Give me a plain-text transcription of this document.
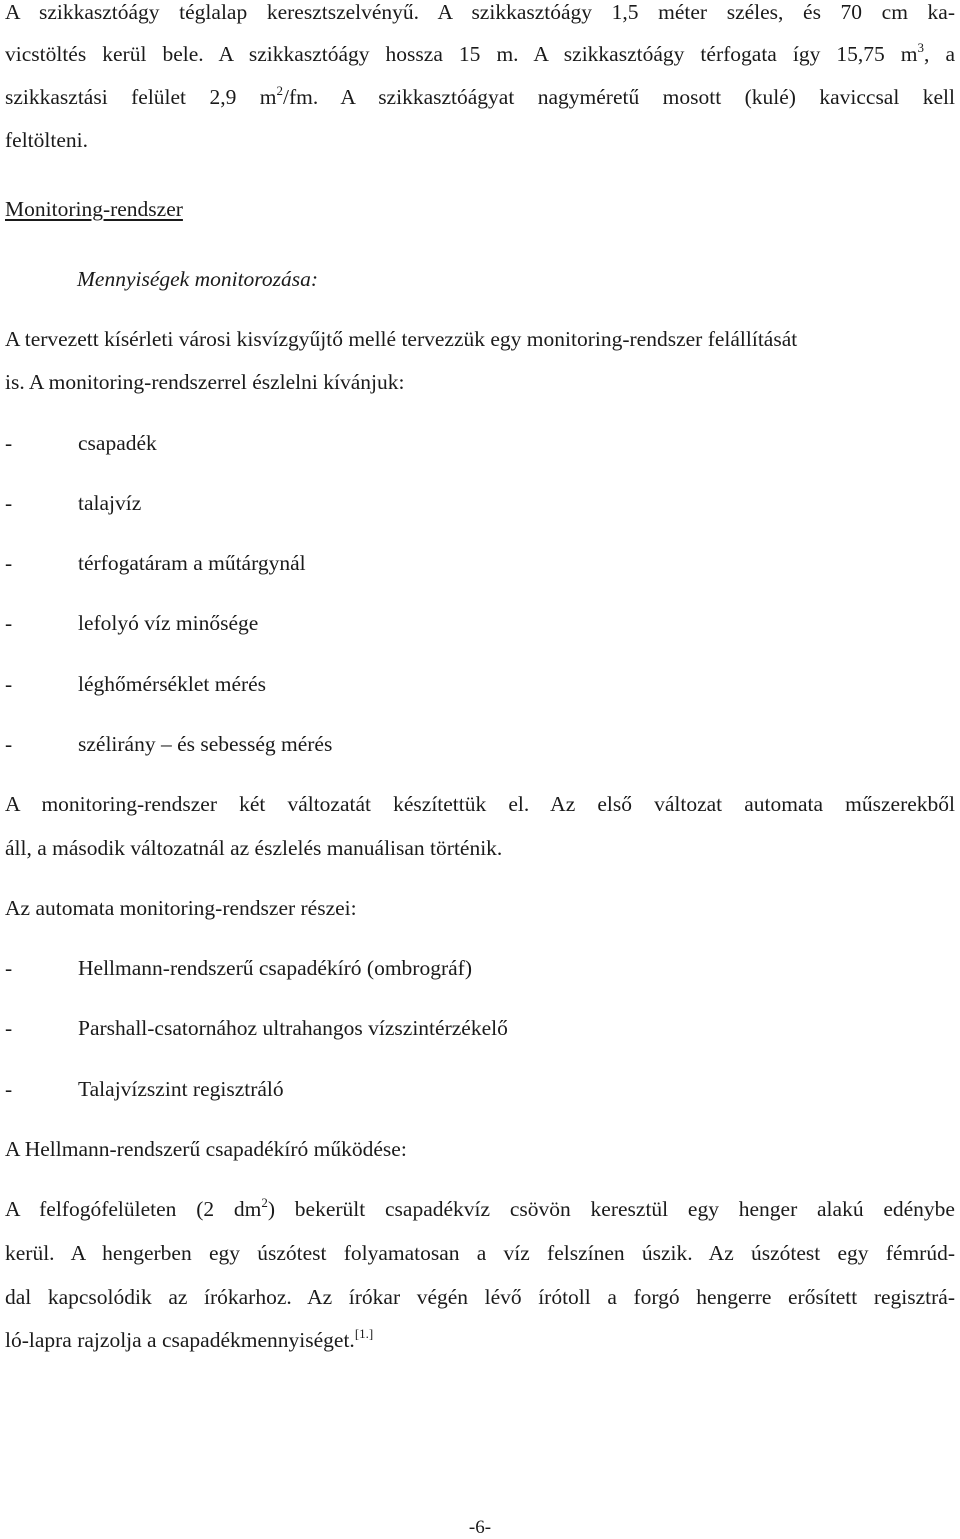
A szikkasztóágy téglalap keresztszelvényű. A szikkasztóágy 1,5 méter széles, és 70 cm ka-
vicstöltés kerül bele. A szikkasztóágy hossza 15 m. A szikkasztóágy térfogata így 15,75 $m^3$, a
szikkasztási felület 2,9 $m^2/fm$. A szikkasztóágyat nagyméretű mosott (kulé) kaviccsal kell
feltölteni.
Monitoring-rendszer
Mennyiségek monitorozása:
A tervezett kísérleti városi kisvízgyűjtő mellé tervezzük egy monitoring-rendszer felállítását
is. A monitoring-rendszerrel észlelni kívánjuk:
-	csapadék
-	talajvíz
-	térfogatáram a műtárgynál
-	lefolyó víz minősége
-	léghőmérséklet mérés
-	szélirány – és sebesség mérés
A monitoring-rendszer két változatát készítettük el. Az első változat automata műszerekből
áll, a második változatnál az észlelés manuálisan történik.
Az automata monitoring-rendszer részei:
-	Hellmann-rendszerű csapadékíró (ombrográf)
-	Parshall-csatornához ultrahangos vízszintérzékelő
-	Talajvízszint regisztráló
A Hellmann-rendszerű csapadékíró működése:
A felfogófelületen (2 $dm^2$) bekerült csapadékvíz csövön keresztül egy henger alakú edénybe
kerül. A hengerben egy úszótest folyamatosan a víz felszínen úszik. Az úszótest egy fémrúd-
dal kapcsolódik az írókarhoz. Az írókar végén lévő írótoll a forgó hengerre erősített regisztrá-
ló-lapra rajzolja a csapadékmennyiséget.[1.]
-6-
